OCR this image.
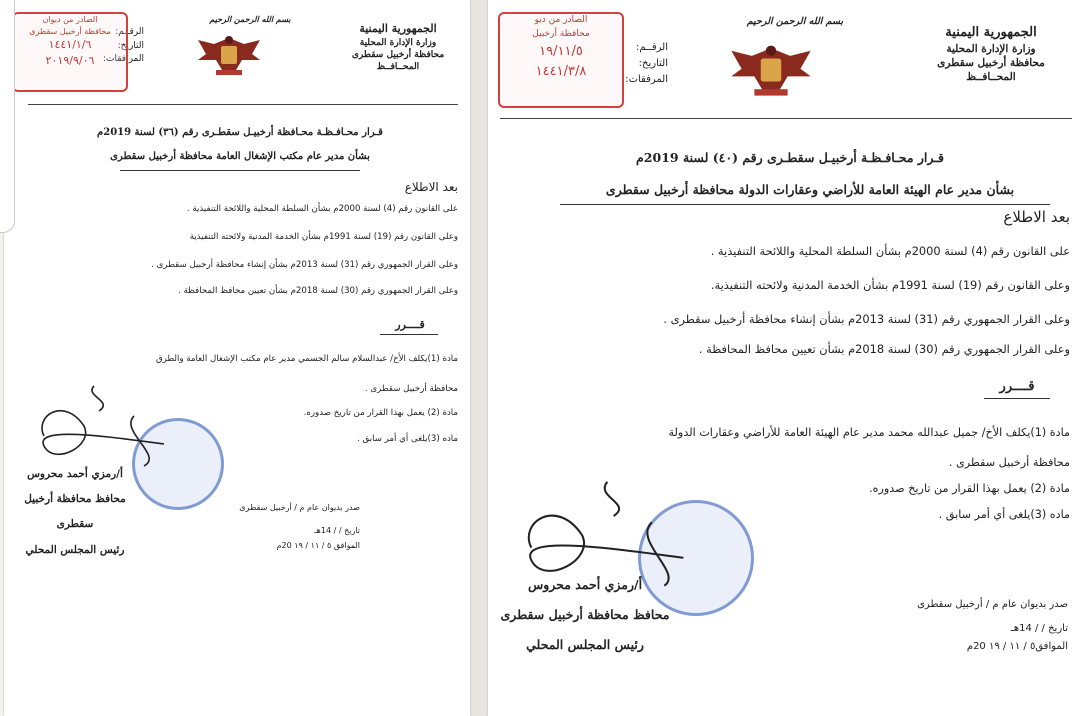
الجمهورية اليمنية
وزارة الإدارة المحلية
محافظة أرخبيل سقطرى
المحــافــظ
بسم الله الرحمن الرحيم
الرقــم:
التاريخ:
المرافقات:
الصادر من ديوان
محافظة أرخبيل سقطرى
١٤٤١/١/٦
٢٠١٩/٩/٠٦
قـرار محـافـظـة محـافظة أرخبيـل سقطـرى رقم (٣٦) لسنة 2019م
بشأن مدير عام مكتب الإشغال العامة محافظة أرخبيل سقطرى
بعد الاطلاع
على القانون رقم (4) لسنة 2000م بشأن السلطة المحلية واللائحة التنفيذية .
وعلى القانون رقم (19) لسنة 1991م بشأن الخدمة المدنية ولائحته التنفيذية
وعلى القرار الجمهوري رقم (31) لسنة 2013م بشأن إنشاء محافظة أرخبيل سقطرى .
وعلى القرار الجمهوري رقم (30) لسنة 2018م بشأن تعيين محافظ المحافظة .
قــــرر
مادة (1)يكلف الأخ/ عبدالسلام سالم الجسمي مدير عام مكتب الإشغال العامة والطرق
محافظة أرخبيل سقطرى .
مادة (2) يعمل بهذا القرار من تاريخ صدوره.
ماده (3)يلغى أي أمر سابق .
أ/رمزي أحمد محروس
محافظ محافظة أرخبيل سقطرى
رئيس المجلس المحلي
صدر بديوان عام م / أرخبيل سقطرى
تاريخ / / 14هـ
الموافق ٥ / ١١ / ١٩ 20م
الجمهورية اليمنية
وزارة الإدارة المحلية
محافظة أرخبيل سقطرى
المحــافــظ
بسم الله الرحمن الرحيم
الرقــم:
التاريخ:
المرفقات:
الصادر من ديو
محافظة أرخبيل
١٩/١١/٥
١٤٤١/٣/٨
قـرار محـافـظـة أرخبيـل سقطـرى رقم (٤٠) لسنة 2019م
بشأن مدير عام الهيئة العامة للأراضي وعقارات الدولة محافظة أرخبيل سقطرى
بعد الاطلاع
على القانون رقم (4) لسنة 2000م بشأن السلطة المحلية واللائحة التنفيذية .
وعلى القانون رقم (19) لسنة 1991م بشأن الخدمة المدنية ولائحته التنفيذية.
وعلى القرار الجمهوري رقم (31) لسنة 2013م بشأن إنشاء محافظة أرخبيل سقطرى .
وعلى القرار الجمهوري رقم (30) لسنة 2018م بشأن تعيين محافظ المحافظة .
قــــرر
مادة (1)يكلف الأخ/ جميل عبدالله محمد مدير عام الهيئة العامة للأراضي وعقارات الدولة
محافظة أرخبيل سقطرى .
مادة (2) يعمل بهذا القرار من تاريخ صدوره.
ماده (3)يلغى أي أمر سابق .
أ/رمزي أحمد محروس
محافظ محافظة أرخبيل سقطرى
رئيس المجلس المحلي
صدر بديوان عام م / أرخبيل سقطرى
تاريخ / / 14هـ
الموافق٥ / ١١ / ١٩ 20م
